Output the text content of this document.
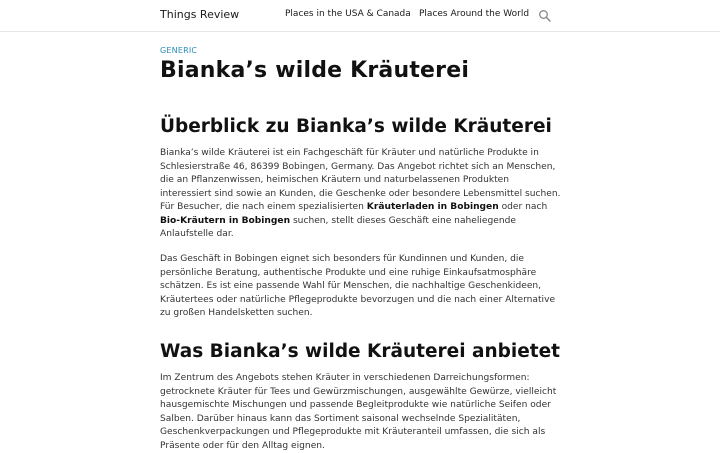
Things Review	Places in the USA & Canada Places Around the World
GENERIC
Bianka’s wilde Kräuterei
Überblick zu Bianka’s wilde Kräuterei

Bianka’s wilde Kräuterei ist ein Fachgeschäft für Kräuter und natürliche Produkte in Schlesierstraße 46, 86399 Bobingen, Germany. Das Angebot richtet sich an Menschen, die an Pflanzenwissen, heimischen Kräutern und naturbelassenen Produkten interessiert sind sowie an Kunden, die Geschenke oder besondere Lebensmittel suchen. Für Besucher, die nach einem spezialisierten Kräuterladen in Bobingen oder nach Bio-Kräutern in Bobingen suchen, stellt dieses Geschäft eine naheliegende Anlaufstelle dar.

Das Geschäft in Bobingen eignet sich besonders für Kundinnen und Kunden, die persönliche Beratung, authentische Produkte und eine ruhige Einkaufsatmosphäre schätzen. Es ist eine passende Wahl für Menschen, die nachhaltige Geschenkideen, Kräutertees oder natürliche Pflegeprodukte bevorzugen und die nach einer Alternative zu großen Handelsketten suchen.

Was Bianka’s wilde Kräuterei anbietet

Im Zentrum des Angebots stehen Kräuter in verschiedenen Darreichungsformen: getrocknete Kräuter für Tees und Gewürzmischungen, ausgewählte Gewürze, vielleicht hausgemischte Mischungen und passende Begleitprodukte wie natürliche Seifen oder Salben. Darüber hinaus kann das Sortiment saisonal wechselnde Spezialitäten, Geschenkverpackungen und Pflegeprodukte mit Kräuteranteil umfassen, die sich als Präsente oder für den Alltag eignen.
